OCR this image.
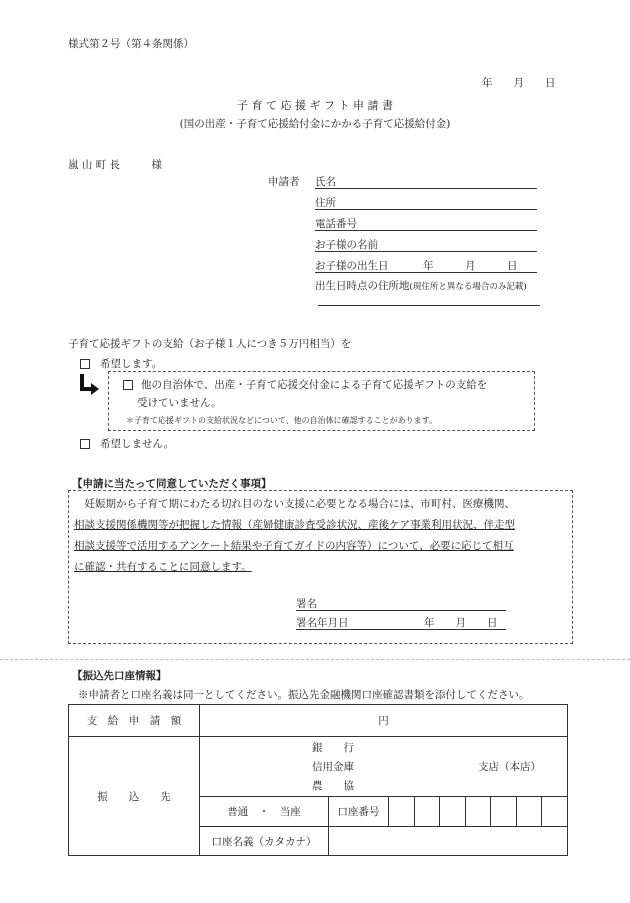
様式第２号（第４条関係）
年　　月　　日
子 育 て 応 援 ギ フ ト 申 請 書
(国の出産・子育て応援給付金にかかる子育て応援給付金)
嵐 山 町 長　　　様
申請者 氏名
住所
電話番号
お子様の名前
お子様の出生日	年　　　月　　　日
出生日時点の住所地(現住所と異なる場合のみ記載)
子育て応援ギフトの支給（お子様１人につき５万円相当）を
希望します。
他の自治体で、出産・子育て応援交付金による子育て応援ギフトの支給を
受けていません。
＊子育て応援ギフトの支給状況などについて、他の自治体に確認することがあります。
希望しません。
【申請に当たって同意していただく事項】
　妊娠期から子育て期にわたる切れ目のない支援に必要となる場合には、市町村、医療機関、
相談支援関係機関等が把握した情報（産婦健康診査受診状況、産後ケア事業利用状況、伴走型
相談支援等で活用するアンケート結果や子育てガイドの内容等）について、必要に応じて相互
に確認・共有することに同意します。
署名
署名年月日	年　　月　　日
【振込先口座情報】
※申請者と口座名義は同一としてください。振込先金融機関口座確認書類を添付してください。
支　給　申　請　額	円								
振　　込　　先	銀　　行
信用金庫
農　　協
支店（本店）								

	普通　・　当座	口座番号							
	口座名義（カタカナ）								
